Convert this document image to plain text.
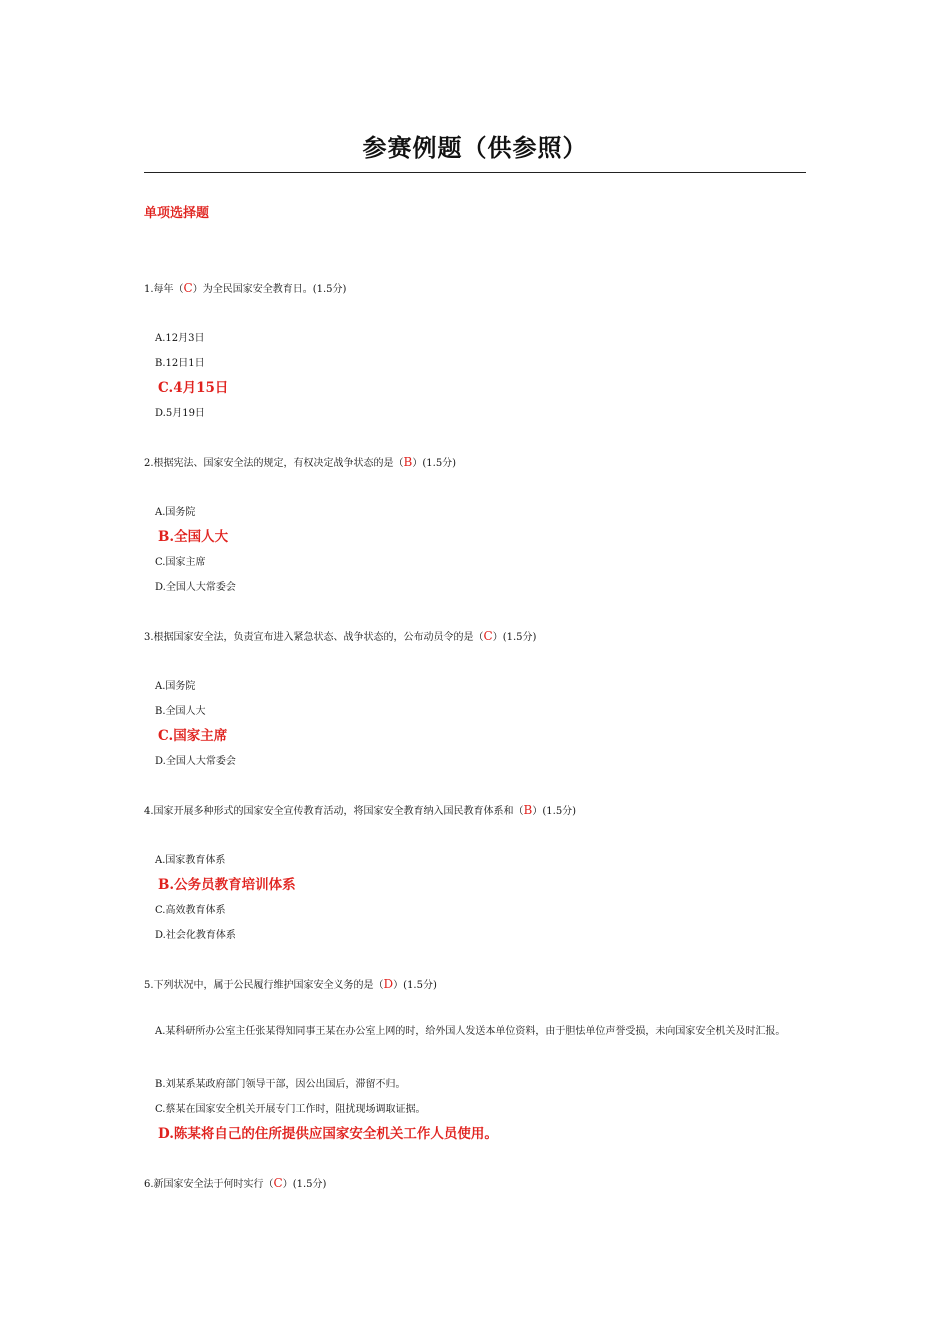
参赛例题（供参照）
单项选择题
1.每年（C）为全民国家安全教育日。(1.5分)
A.12月3日
B.12日1日
C.4月15日
D.5月19日
2.根据宪法、国家安全法的规定，有权决定战争状态的是（B）(1.5分)
A.国务院
B.全国人大
C.国家主席
D.全国人大常委会
3.根据国家安全法，负责宣布进入紧急状态、战争状态的，公布动员令的是（C）(1.5分)
A.国务院
B.全国人大
C.国家主席
D.全国人大常委会
4.国家开展多种形式的国家安全宣传教育活动，将国家安全教育纳入国民教育体系和（B）(1.5分)
A.国家教育体系
B.公务员教育培训体系
C.高效教育体系
D.社会化教育体系
5.下列状况中，属于公民履行维护国家安全义务的是（D）(1.5分)
A.某科研所办公室主任张某得知同事王某在办公室上网的时，给外国人发送本单位资料，由于胆怯单位声誉受损，未向国家安全机关及时汇报。
B.刘某系某政府部门领导干部，因公出国后，滞留不归。
C.蔡某在国家安全机关开展专门工作时，阻扰现场调取证据。
D.陈某将自己的住所提供应国家安全机关工作人员使用。
6.新国家安全法于何时实行（C）(1.5分)
